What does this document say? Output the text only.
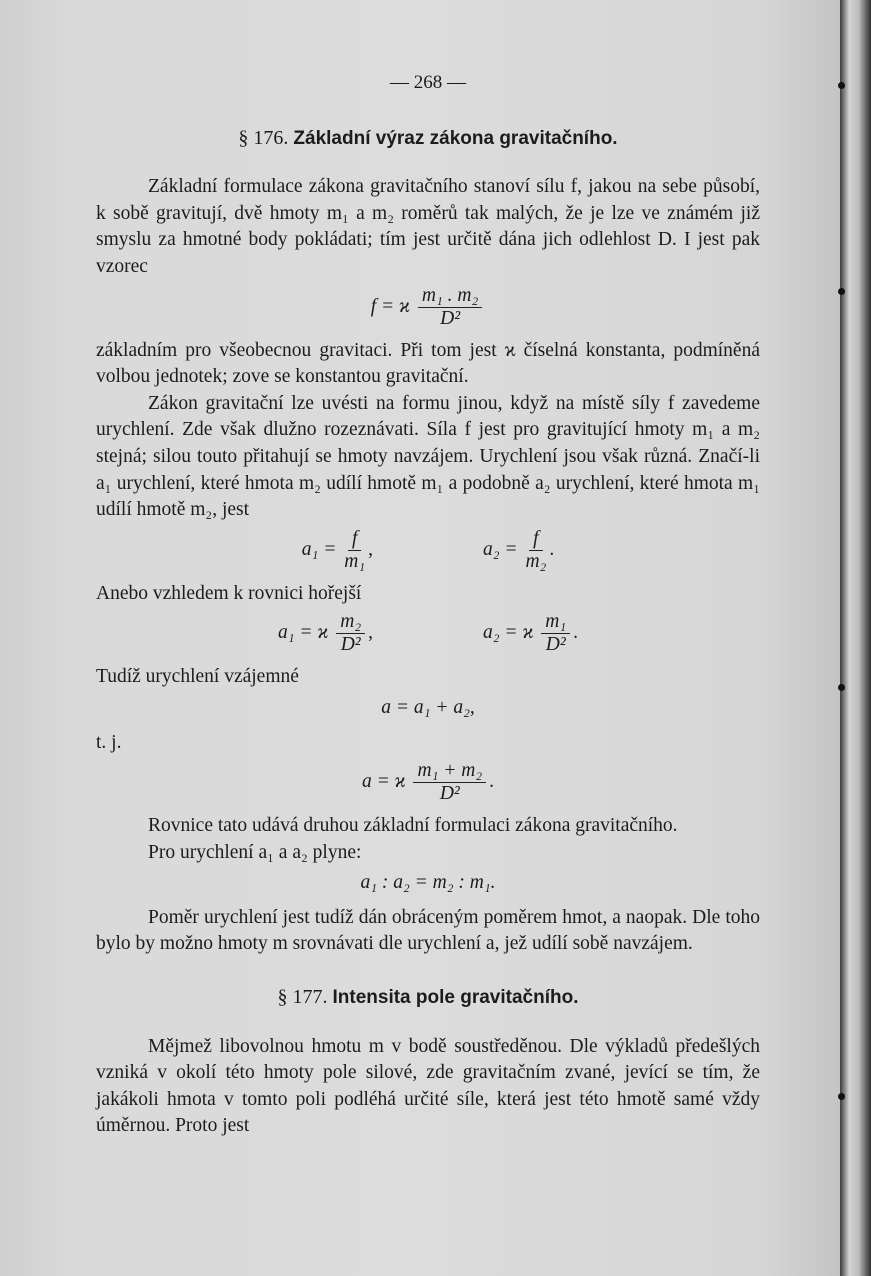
— 268 —
§ 176. Základní výraz zákona gravitačního.

Základní formulace zákona gravitačního stanoví sílu f, jakou na sebe působí, k sobě gravitují, dvě hmoty m₁ a m₂ roměrů tak malých, že je lze ve známém již smyslu za hmotné body pokládati; tím jest určitě dána jich odlehlost D. I jest pak vzorec

f = ϰ $\frac{\text{m₁ . m₂}}{\text{D²}}$

základním pro všeobecnou gravitaci. Při tom jest ϰ číselná konstanta, podmíněná volbou jednotek; zove se konstantou gravitační.

Zákon gravitační lze uvésti na formu jinou, když na místě síly f zavedeme urychlení. Zde však dlužno rozeznávati. Síla f jest pro gravitující hmoty m₁ a m₂ stejná; silou touto přitahují se hmoty navzájem. Urychlení jsou však různá. Značí-li a₁ urychlení, které hmota m₂ udílí hmotě m₁ a podobně a₂ urychlení, které hmota m₁ udílí hmotě m₂, jest

$a_1 = \frac{f}{\text{m₁}}$ ,	$a_2 = \frac{f}{\text{m₂}}$ .

Anebo vzhledem k rovnici hořejší

a₁ = ϰ $\frac{\text{m₂}}{\text{D²}}$ ,	a₂ = ϰ $\frac{\text{m₁}}{\text{D²}}$ .

Tudíž urychlení vzájemné

a = a₁ + a₂,

t. j.

a = ϰ $\frac{\text{m₁ + m₂}}{\text{D²}}$ .

Rovnice tato udává druhou základní formulaci zákona gravitačního.

Pro urychlení a₁ a a₂ plyne:

a₁ : a₂ = m₂ : m₁.

Poměr urychlení jest tudíž dán obráceným poměrem hmot, a naopak. Dle toho bylo by možno hmoty m srovnávati dle urychlení a, jež udílí sobě navzájem.

§ 177. Intensita pole gravitačního.

Mějmež libovolnou hmotu m v bodě soustředěnou. Dle výkladů předešlých vzniká v okolí této hmoty pole silové, zde gravitačním zvané, jevící se tím, že jakákoli hmota v tomto poli podléhá určité síle, která jest této hmotě samé vždy úměrnou. Proto jest
